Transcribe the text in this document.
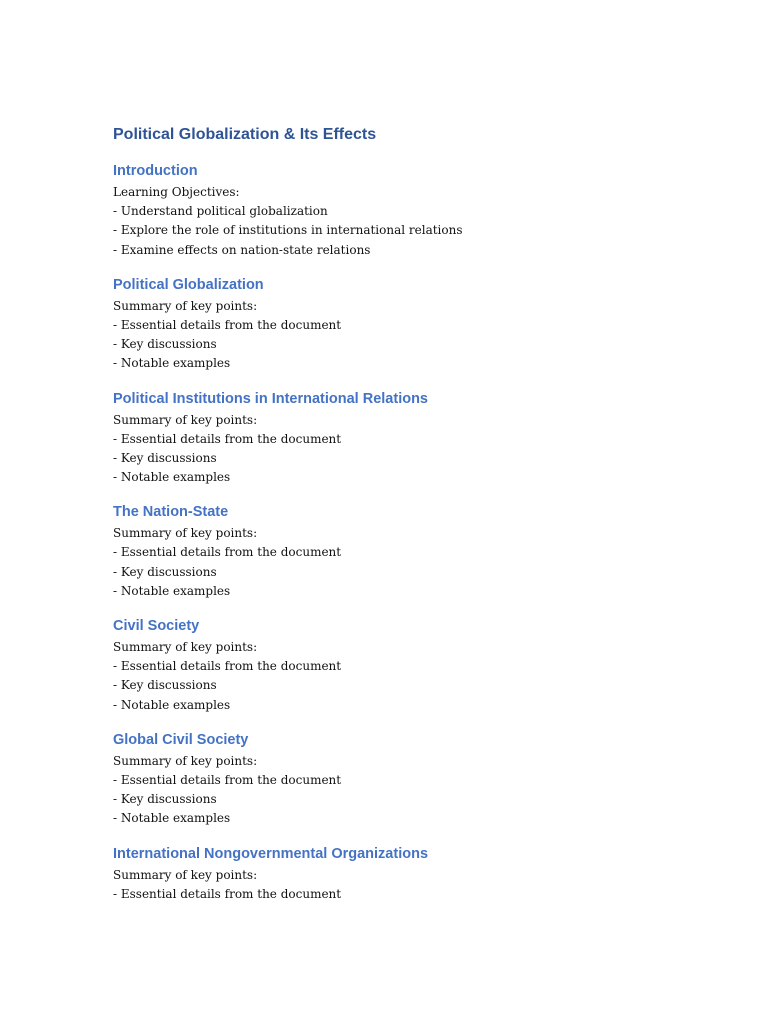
Political Globalization & Its Effects
Introduction
Learning Objectives:
- Understand political globalization
- Explore the role of institutions in international relations
- Examine effects on nation-state relations
Political Globalization
Summary of key points:
- Essential details from the document
- Key discussions
- Notable examples
Political Institutions in International Relations
Summary of key points:
- Essential details from the document
- Key discussions
- Notable examples
The Nation-State
Summary of key points:
- Essential details from the document
- Key discussions
- Notable examples
Civil Society
Summary of key points:
- Essential details from the document
- Key discussions
- Notable examples
Global Civil Society
Summary of key points:
- Essential details from the document
- Key discussions
- Notable examples
International Nongovernmental Organizations
Summary of key points:
- Essential details from the document
